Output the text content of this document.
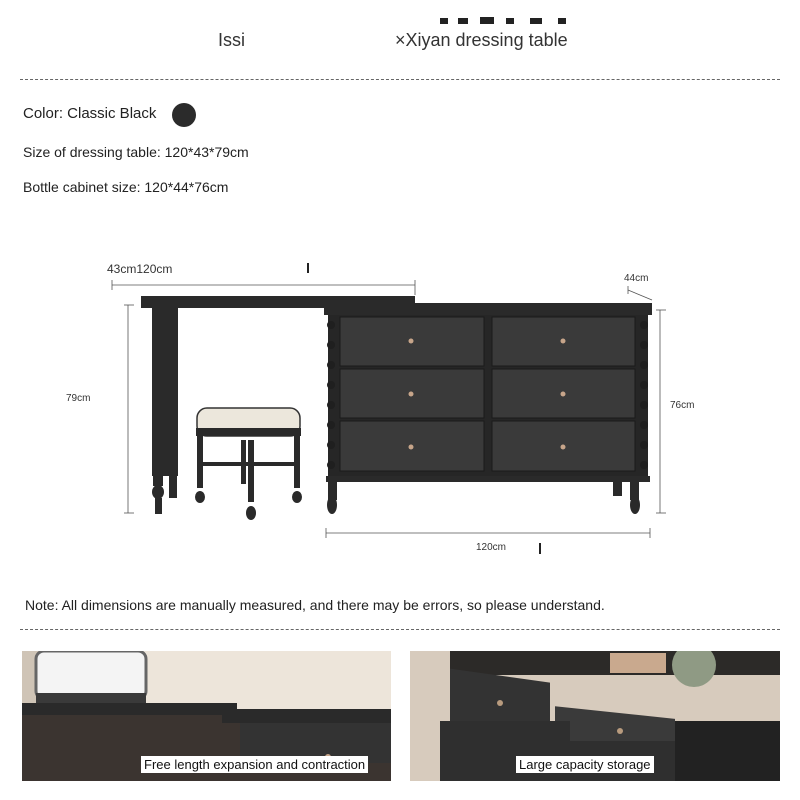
Issi	×Xiyan dressing table
Color: Classic Black
Size of dressing table: 120*43*79cm
Bottle cabinet size: 120*44*76cm
43cm120cm
44cm
79cm
76cm
120cm
Note: All dimensions are manually measured, and there may be errors, so please understand.
Free length expansion and contraction	Large capacity storage
